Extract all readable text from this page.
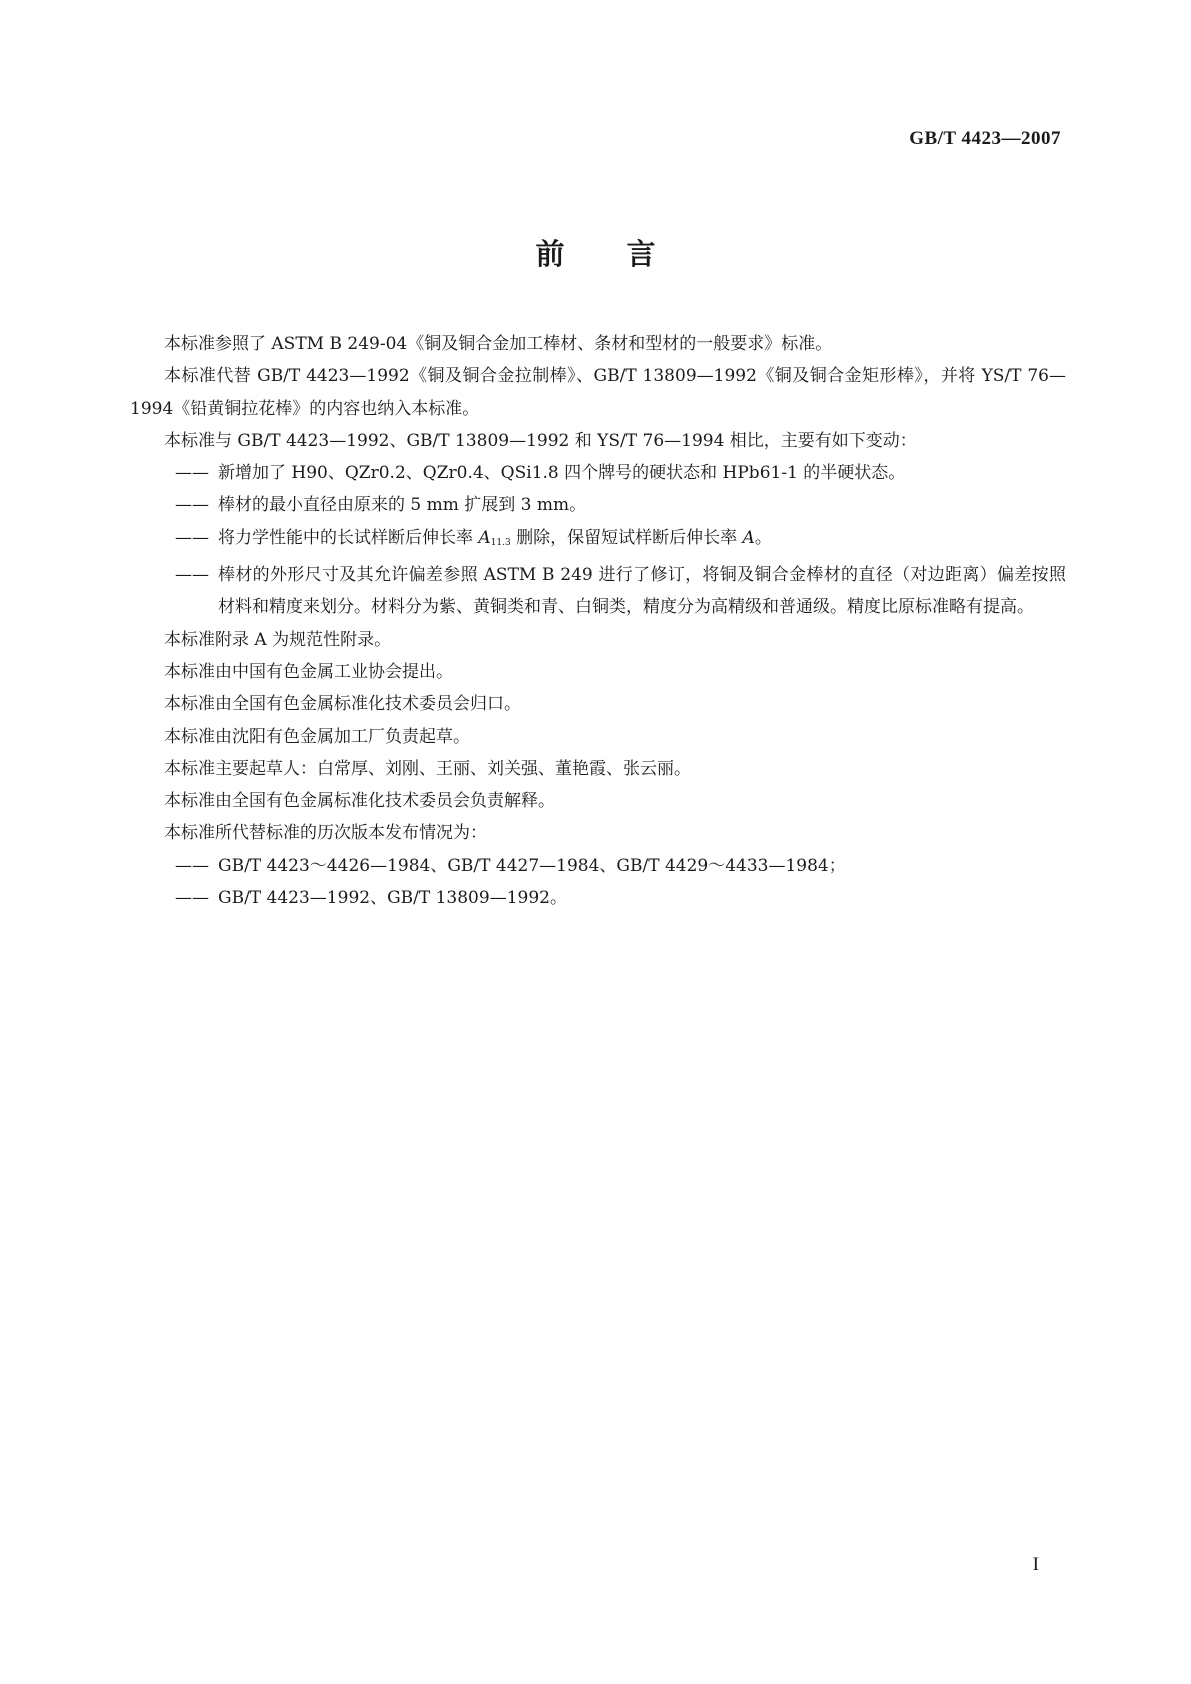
GB/T 4423—2007
前 言

本标准参照了 ASTM B 249-04《铜及铜合金加工棒材、条材和型材的一般要求》标准。

本标准代替 GB/T 4423—1992《铜及铜合金拉制棒》、GB/T 13809—1992《铜及铜合金矩形棒》，并将 YS/T 76—1994《铅黄铜拉花棒》的内容也纳入本标准。

本标准与 GB/T 4423—1992、GB/T 13809—1992 和 YS/T 76—1994 相比，主要有如下变动：

—— 新增加了 H90、QZr0.2、QZr0.4、QSi1.8 四个牌号的硬状态和 HPb61-1 的半硬状态。

—— 棒材的最小直径由原来的 5 mm 扩展到 3 mm。

—— 将力学性能中的长试样断后伸长率 $A_{11.3}$ 删除，保留短试样断后伸长率 A。

—— 棒材的外形尺寸及其允许偏差参照 ASTM B 249 进行了修订，将铜及铜合金棒材的直径（对边距离）偏差按照材料和精度来划分。材料分为紫、黄铜类和青、白铜类，精度分为高精级和普通级。精度比原标准略有提高。

本标准附录 A 为规范性附录。

本标准由中国有色金属工业协会提出。

本标准由全国有色金属标准化技术委员会归口。

本标准由沈阳有色金属加工厂负责起草。

本标准主要起草人：白常厚、刘刚、王丽、刘关强、董艳霞、张云丽。

本标准由全国有色金属标准化技术委员会负责解释。

本标准所代替标准的历次版本发布情况为：

—— GB/T 4423～4426—1984、GB/T 4427—1984、GB/T 4429～4433—1984；

—— GB/T 4423—1992、GB/T 13809—1992。

I
